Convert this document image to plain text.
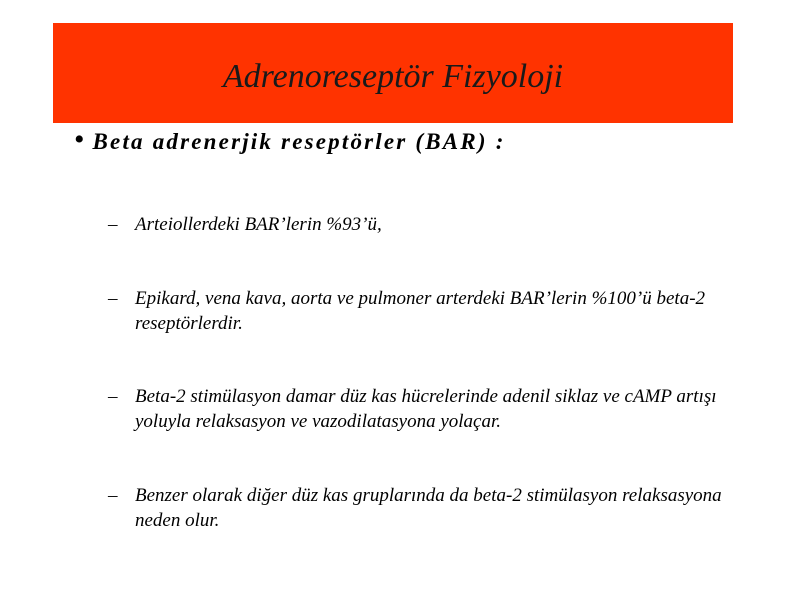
Adrenoreseptör Fizyoloji
• Beta adrenerjik reseptörler (BAR) :
– Arteiollerdeki BAR’lerin %93’ü,
– Epikard, vena kava, aorta ve pulmoner arterdeki BAR’lerin %100’ü beta-2 reseptörlerdir.
– Beta-2 stimülasyon damar düz kas hücrelerinde adenil siklaz ve cAMP artışı yoluyla relaksasyon ve vazodilatasyona yolaçar.
– Benzer olarak diğer düz kas gruplarında da beta-2 stimülasyon relaksasyona neden olur.
